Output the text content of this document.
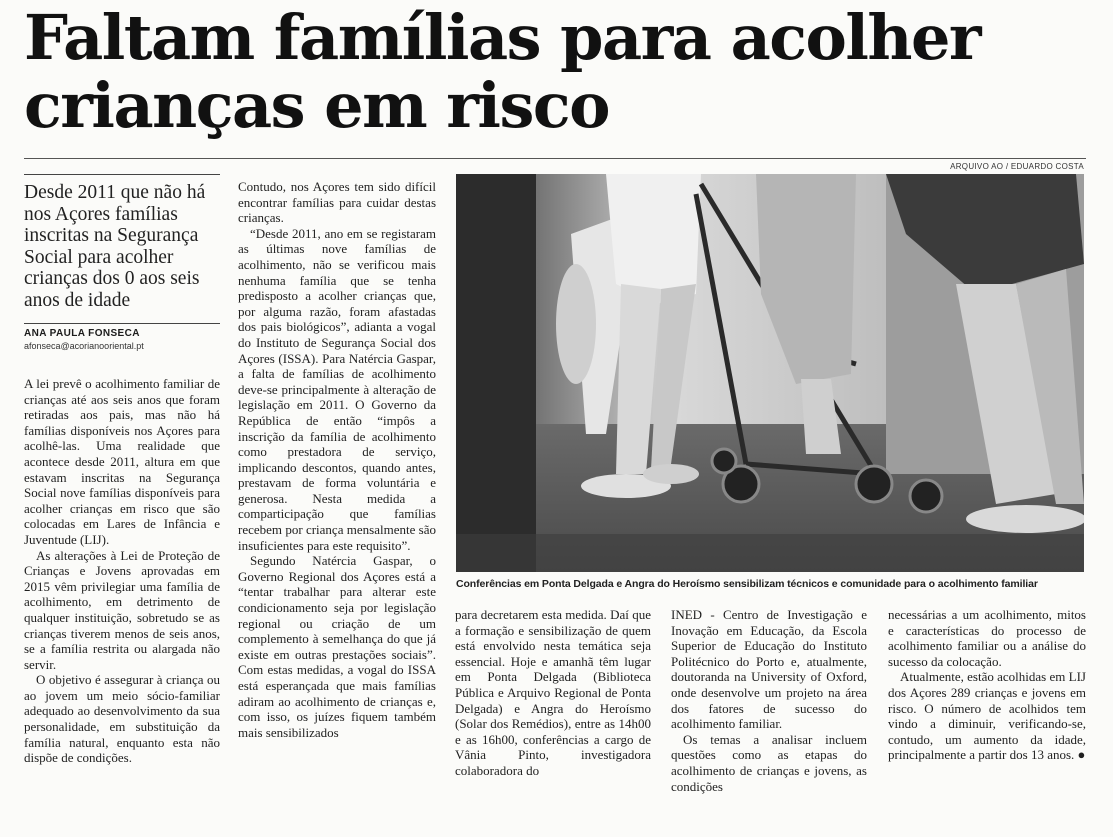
Faltam famílias para acolher crianças em risco

Desde 2011 que não há nos Açores famílias inscritas na Segurança Social para acolher crianças dos 0 aos seis anos de idade

ANA PAULA FONSECA
afonseca@acorianooriental.pt

A lei prevê o acolhimento familiar de crianças até aos seis anos que foram retiradas aos pais, mas não há famílias disponíveis nos Açores para acolhê-las. Uma realidade que acontece desde 2011, altura em que estavam inscritas na Segurança Social nove famílias disponíveis para acolher crianças em risco que são colocadas em Lares de Infância e Juventude (LIJ).

As alterações à Lei de Proteção de Crianças e Jovens aprovadas em 2015 vêm privilegiar uma família de acolhimento, em detrimento de qualquer instituição, sobretudo se as crianças tiverem menos de seis anos, se a família restrita ou alargada não servir.

O objetivo é assegurar à criança ou ao jovem um meio sócio-familiar adequado ao desenvolvimento da sua personalidade, em substituição da família natural, enquanto esta não dispõe de condições.

Contudo, nos Açores tem sido difícil encontrar famílias para cuidar destas crianças.

“Desde 2011, ano em se registaram as últimas nove famílias de acolhimento, não se verificou mais nenhuma família que se tenha predisposto a acolher crianças que, por alguma razão, foram afastadas dos pais biológicos”, adianta a vogal do Instituto de Segurança Social dos Açores (ISSA). Para Natércia Gaspar, a falta de famílias de acolhimento deve-se principalmente à alteração de legislação em 2011. O Governo da República de então “impôs a inscrição da família de acolhimento como prestadora de serviço, implicando descontos, quando antes, prestavam de forma voluntária e generosa. Nesta medida a comparticipação que famílias recebem por criança mensalmente são insuficientes para este requisito”.

Segundo Natércia Gaspar, o Governo Regional dos Açores está a “tentar trabalhar para alterar este condicionamento seja por legislação regional ou criação de um complemento à semelhança do que já existe em outras prestações sociais”. Com estas medidas, a vogal do ISSA está esperançada que mais famílias adiram ao acolhimento de crianças e, com isso, os juízes fiquem também mais sensibilizados

ARQUIVO AO / EDUARDO COSTA
Conferências em Ponta Delgada e Angra do Heroísmo sensibilizam técnicos e comunidade para o acolhimento familiar

para decretarem esta medida. Daí que a formação e sensibilização de quem está envolvido nesta temática seja essencial. Hoje e amanhã têm lugar em Ponta Delgada (Biblioteca Pública e Arquivo Regional de Ponta Delgada) e Angra do Heroísmo (Solar dos Remédios), entre as 14h00 e as 16h00, conferências a cargo de Vânia Pinto, investigadora colaboradora do

INED - Centro de Investigação e Inovação em Educação, da Escola Superior de Educação do Instituto Politécnico do Porto e, atualmente, doutoranda na University of Oxford, onde desenvolve um projeto na área dos fatores de sucesso do acolhimento familiar.

Os temas a analisar incluem questões como as etapas do acolhimento de crianças e jovens, as condições

necessárias a um acolhimento, mitos e características do processo de acolhimento familiar ou a análise do sucesso da colocação.

Atualmente, estão acolhidas em LIJ dos Açores 289 crianças e jovens em risco. O número de acolhidos tem vindo a diminuir, verificando-se, contudo, um aumento da idade, principalmente a partir dos 13 anos. ●
